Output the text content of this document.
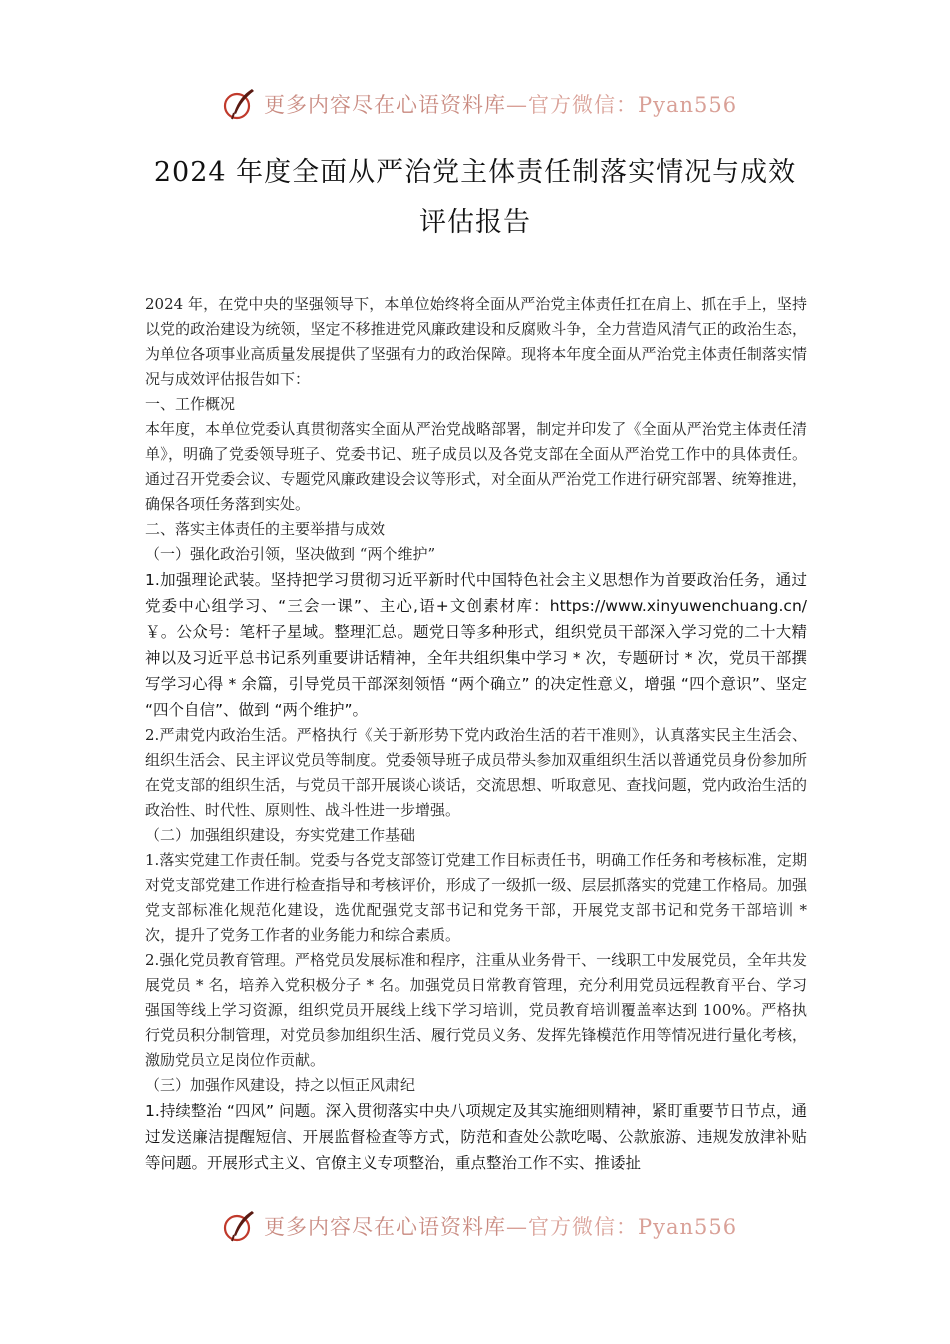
更多内容尽在心语资料库—官方微信：Pyan556
2024 年度全面从严治党主体责任制落实情况与成效
评估报告

2024 年，在党中央的坚强领导下，本单位始终将全面从严治党主体责任扛在肩上、抓在手上，坚持以党的政治建设为统领，坚定不移推进党风廉政建设和反腐败斗争，全力营造风清气正的政治生态，为单位各项事业高质量发展提供了坚强有力的政治保障。现将本年度全面从严治党主体责任制落实情况与成效评估报告如下：

一、工作概况

本年度，本单位党委认真贯彻落实全面从严治党战略部署，制定并印发了《全面从严治党主体责任清单》，明确了党委领导班子、党委书记、班子成员以及各党支部在全面从严治党工作中的具体责任。通过召开党委会议、专题党风廉政建设会议等形式，对全面从严治党工作进行研究部署、统筹推进，确保各项任务落到实处。

二、落实主体责任的主要举措与成效

（一）强化政治引领，坚决做到 “两个维护”

1.加强理论武装。坚持把学习贯彻习近平新时代中国特色社会主义思想作为首要政治任务，通过党委中心组学习、“三会一课”、主心,语+文创素材库：https://www.xinyuwenchuang.cn/￥。公众号：笔杆子星域。整理汇总。题党日等多种形式，组织党员干部深入学习党的二十大精神以及习近平总书记系列重要讲话精神，全年共组织集中学习 * 次，专题研讨 * 次，党员干部撰写学习心得 * 余篇，引导党员干部深刻领悟 “两个确立” 的决定性意义，增强 “四个意识”、坚定 “四个自信”、做到 “两个维护”。

2.严肃党内政治生活。严格执行《关于新形势下党内政治生活的若干准则》，认真落实民主生活会、组织生活会、民主评议党员等制度。党委领导班子成员带头参加双重组织生活以普通党员身份参加所在党支部的组织生活，与党员干部开展谈心谈话，交流思想、听取意见、查找问题，党内政治生活的政治性、时代性、原则性、战斗性进一步增强。

（二）加强组织建设，夯实党建工作基础

1.落实党建工作责任制。党委与各党支部签订党建工作目标责任书，明确工作任务和考核标准，定期对党支部党建工作进行检查指导和考核评价，形成了一级抓一级、层层抓落实的党建工作格局。加强党支部标准化规范化建设，选优配强党支部书记和党务干部，开展党支部书记和党务干部培训 * 次，提升了党务工作者的业务能力和综合素质。

2.强化党员教育管理。严格党员发展标准和程序，注重从业务骨干、一线职工中发展党员，全年共发展党员 * 名，培养入党积极分子 * 名。加强党员日常教育管理，充分利用党员远程教育平台、学习强国等线上学习资源，组织党员开展线上线下学习培训，党员教育培训覆盖率达到 100%。严格执行党员积分制管理，对党员参加组织生活、履行党员义务、发挥先锋模范作用等情况进行量化考核，激励党员立足岗位作贡献。

（三）加强作风建设，持之以恒正风肃纪

1.持续整治 “四风” 问题。深入贯彻落实中央八项规定及其实施细则精神，紧盯重要节日节点，通过发送廉洁提醒短信、开展监督检查等方式，防范和查处公款吃喝、公款旅游、违规发放津补贴等问题。开展形式主义、官僚主义专项整治，重点整治工作不实、推诿扯

更多内容尽在心语资料库—官方微信：Pyan556
